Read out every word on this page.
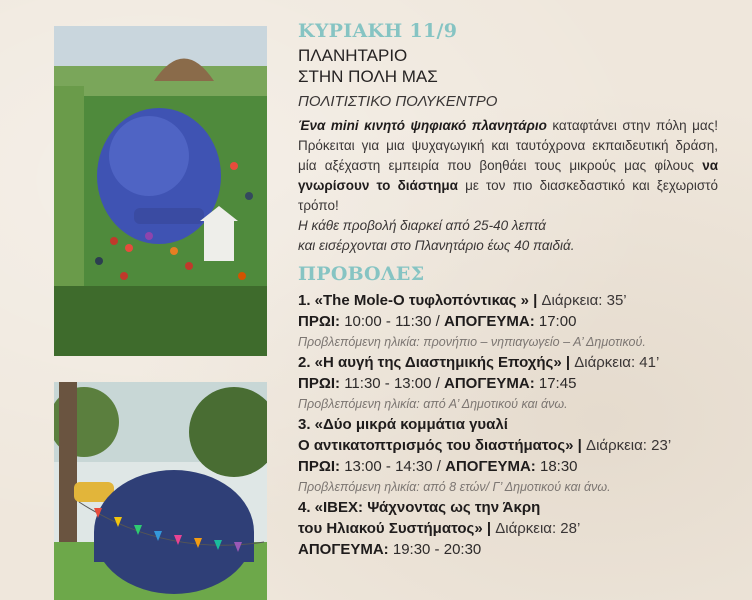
ΚΥΡΙΑΚΗ 11/9
ΠΛΑΝΗΤΑΡΙΟ
ΣΤΗΝ ΠΟΛΗ ΜΑΣ
ΠΟΛΙΤΙΣΤΙΚΟ ΠΟΛΥΚΕΝΤΡΟ
Ένα mini κινητό ψηφιακό πλανητάριο καταφτάνει στην πόλη μας! Πρόκειται για μια ψυχαγωγική και ταυτόχρονα εκπαιδευτική δράση, μία αξέχαστη εμπειρία που βοηθάει τους μικρούς μας φίλους να γνωρίσουν το διάστημα με τον πιο διασκεδαστικό και ξεχωριστό τρόπο!
Η κάθε προβολή διαρκεί από 25-40 λεπτά
και εισέρχονται στο Πλανητάριο έως 40 παιδιά.
ΠΡΟΒΟΛΕΣ
1. «The Mole-O τυφλοπόντικας » | Διάρκεια: 35’
ΠΡΩΙ: 10:00 - 11:30 / ΑΠΟΓΕΥΜΑ: 17:00
Προβλεπόμενη ηλικία: προνήπιο – νηπιαγωγείο – Α’ Δημοτικού.
2. «Η αυγή της Διαστημικής Εποχής» | Διάρκεια: 41’
ΠΡΩΙ: 11:30 - 13:00 / ΑΠΟΓΕΥΜΑ: 17:45
Προβλεπόμενη ηλικία: από Α’ Δημοτικού και άνω.
3. «Δύο μικρά κομμάτια γυαλί
Ο αντικατοπτρισμός του διαστήματος» | Διάρκεια: 23’
ΠΡΩΙ: 13:00 - 14:30 / ΑΠΟΓΕΥΜΑ: 18:30
Προβλεπόμενη ηλικία: από 8 ετών/ Γ’ Δημοτικού και άνω.
4. «IBEX: Ψάχνοντας ως την Άκρη
του Ηλιακού Συστήματος» | Διάρκεια: 28’
ΑΠΟΓΕΥΜΑ: 19:30 - 20:30
